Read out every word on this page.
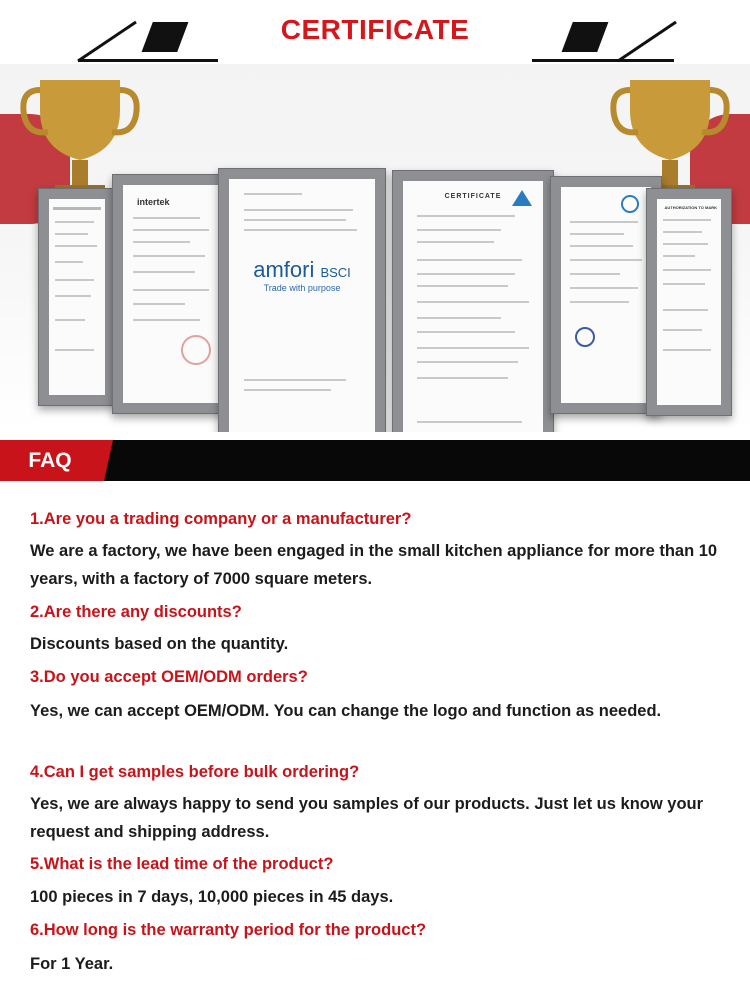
CERTIFICATE
intertek
amfori BSCI
Trade with purpose
CERTIFICATE
AUTHORIZATION TO MARK
FAQ
1.Are you a trading company or a manufacturer?
We are a factory, we have been engaged in the small kitchen appliance for more than 10 years, with a factory of 7000 square meters.
2.Are there any discounts?
Discounts based on the quantity.
3.Do you accept OEM/ODM orders?
Yes, we can accept OEM/ODM. You can change the logo and function as needed.
4.Can I get samples before bulk ordering?
Yes, we are always happy to send you samples of our products. Just let us know your request and shipping address.
5.What is the lead time of the product?
100 pieces in 7 days, 10,000 pieces in 45 days.
6.How long is the warranty period for the product?
For 1 Year.
